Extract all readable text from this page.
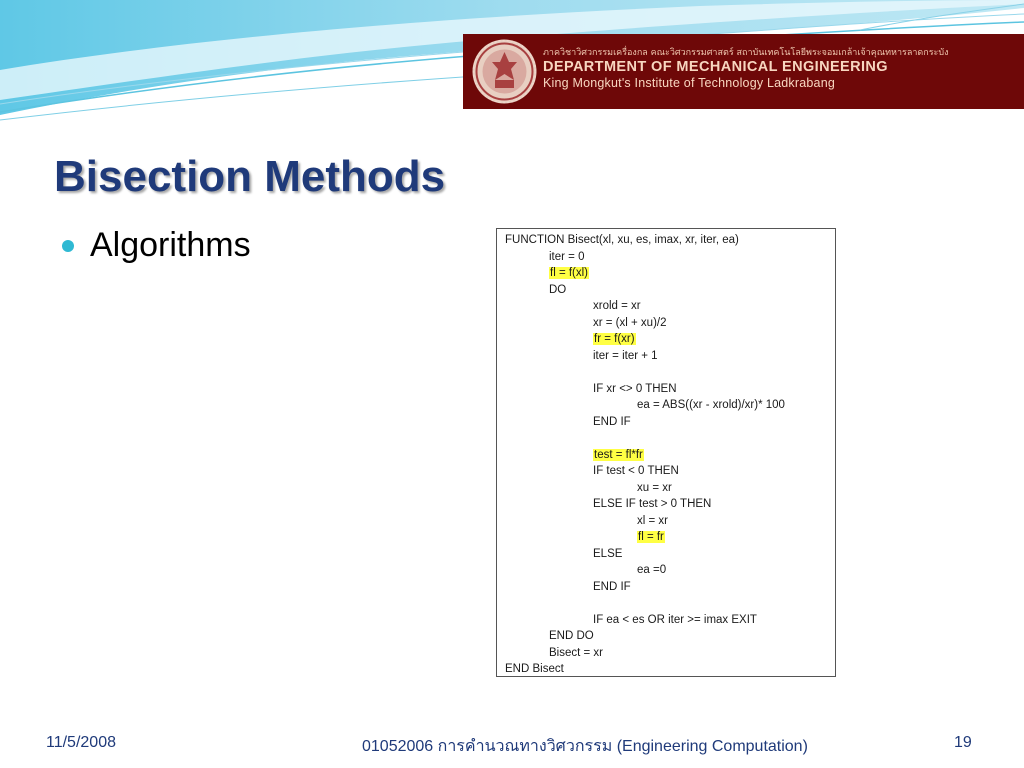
ภาควิชาวิศวกรรมเครื่องกล คณะวิศวกรรมศาสตร์ สถาบันเทคโนโลยีพระจอมเกล้าเจ้าคุณทหารลาดกระบัง
DEPARTMENT OF MECHANICAL ENGINEERING
King Mongkut's Institute of Technology Ladkrabang
Bisection Methods
Algorithms	FUNCTION Bisect(xl, xu, es, imax, xr, iter, ea)
iter = 0
fl = f(xl)
DO
xrold = xr
xr = (xl + xu)/2
fr = f(xr)
iter = iter + 1
IF xr <> 0 THEN
ea = ABS((xr - xrold)/xr)* 100
END IF
test = fl*fr
IF test < 0 THEN
xu = xr
ELSE IF test > 0 THEN
xl = xr
fl = fr
ELSE
ea =0
END IF
IF ea < es OR iter >= imax EXIT
END DO
Bisect = xr
END Bisect
11/5/2008	01052006 การคำนวณทางวิศวกรรม (Engineering Computation)	19
